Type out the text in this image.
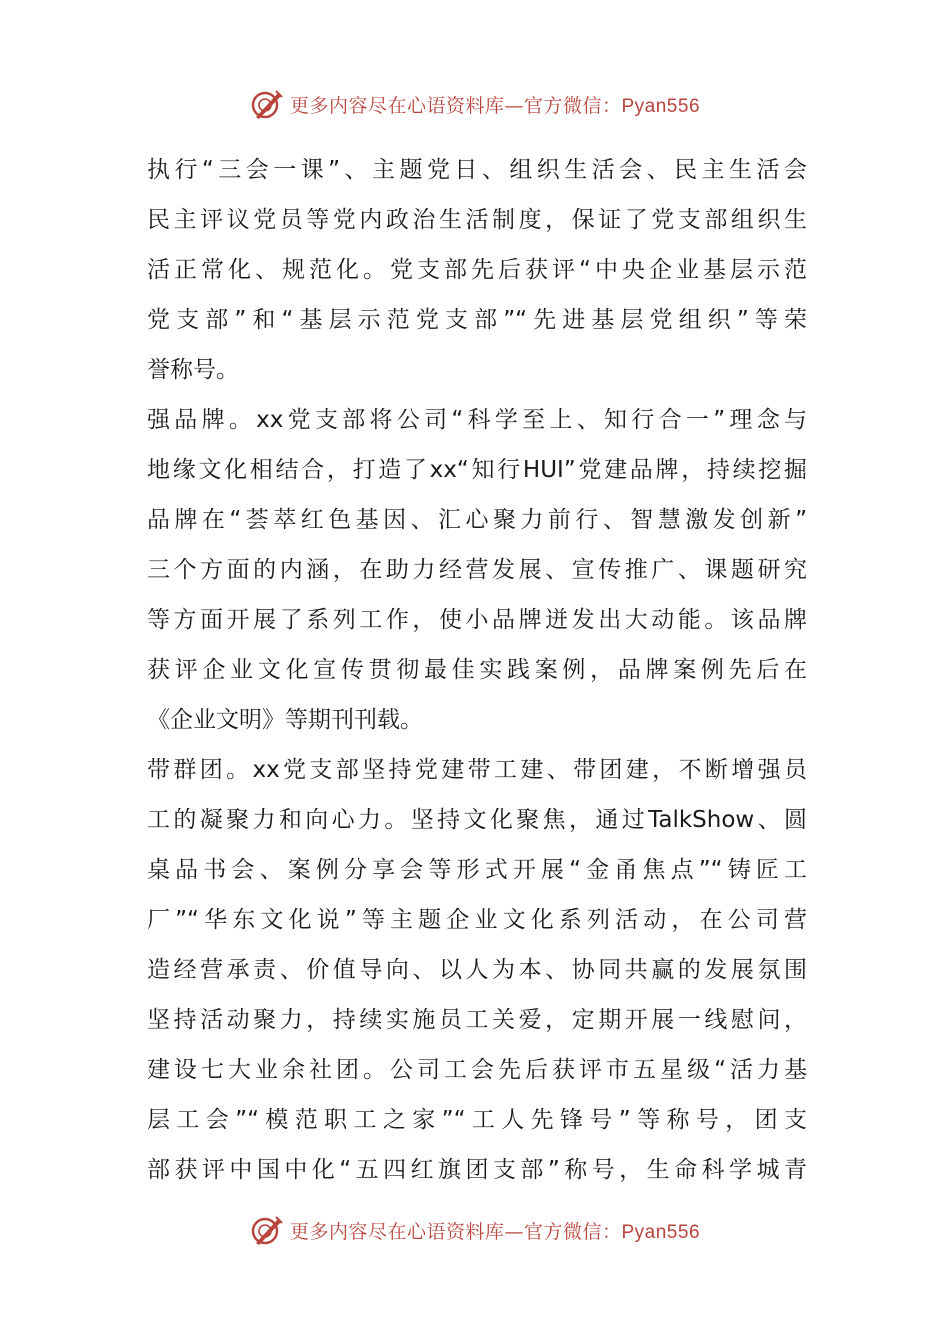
更多内容尽在心语资料库—官方微信：Pyan556
执行“三会一课”、主题党日、组织生活会、民主生活会
民主评议党员等党内政治生活制度，保证了党支部组织生
活正常化、规范化。党支部先后获评“中央企业基层示范
党支部”和“基层示范党支部”“先进基层党组织”等荣
誉称号。
强品牌。xx党支部将公司“科学至上、知行合一”理念与
地缘文化相结合，打造了xx“知行HUI”党建品牌，持续挖掘
品牌在“荟萃红色基因、汇心聚力前行、智慧激发创新”
三个方面的内涵，在助力经营发展、宣传推广、课题研究
等方面开展了系列工作，使小品牌迸发出大动能。该品牌
获评企业文化宣传贯彻最佳实践案例，品牌案例先后在
《企业文明》等期刊刊载。
带群团。xx党支部坚持党建带工建、带团建，不断增强员
工的凝聚力和向心力。坚持文化聚焦，通过TalkShow、圆
桌品书会、案例分享会等形式开展“金甬焦点”“铸匠工
厂”“华东文化说”等主题企业文化系列活动，在公司营
造经营承责、价值导向、以人为本、协同共赢的发展氛围
坚持活动聚力，持续实施员工关爱，定期开展一线慰问，
建设七大业余社团。公司工会先后获评市五星级“活力基
层工会”“模范职工之家”“工人先锋号”等称号，团支
部获评中国中化“五四红旗团支部”称号，生命科学城青
更多内容尽在心语资料库—官方微信：Pyan556
